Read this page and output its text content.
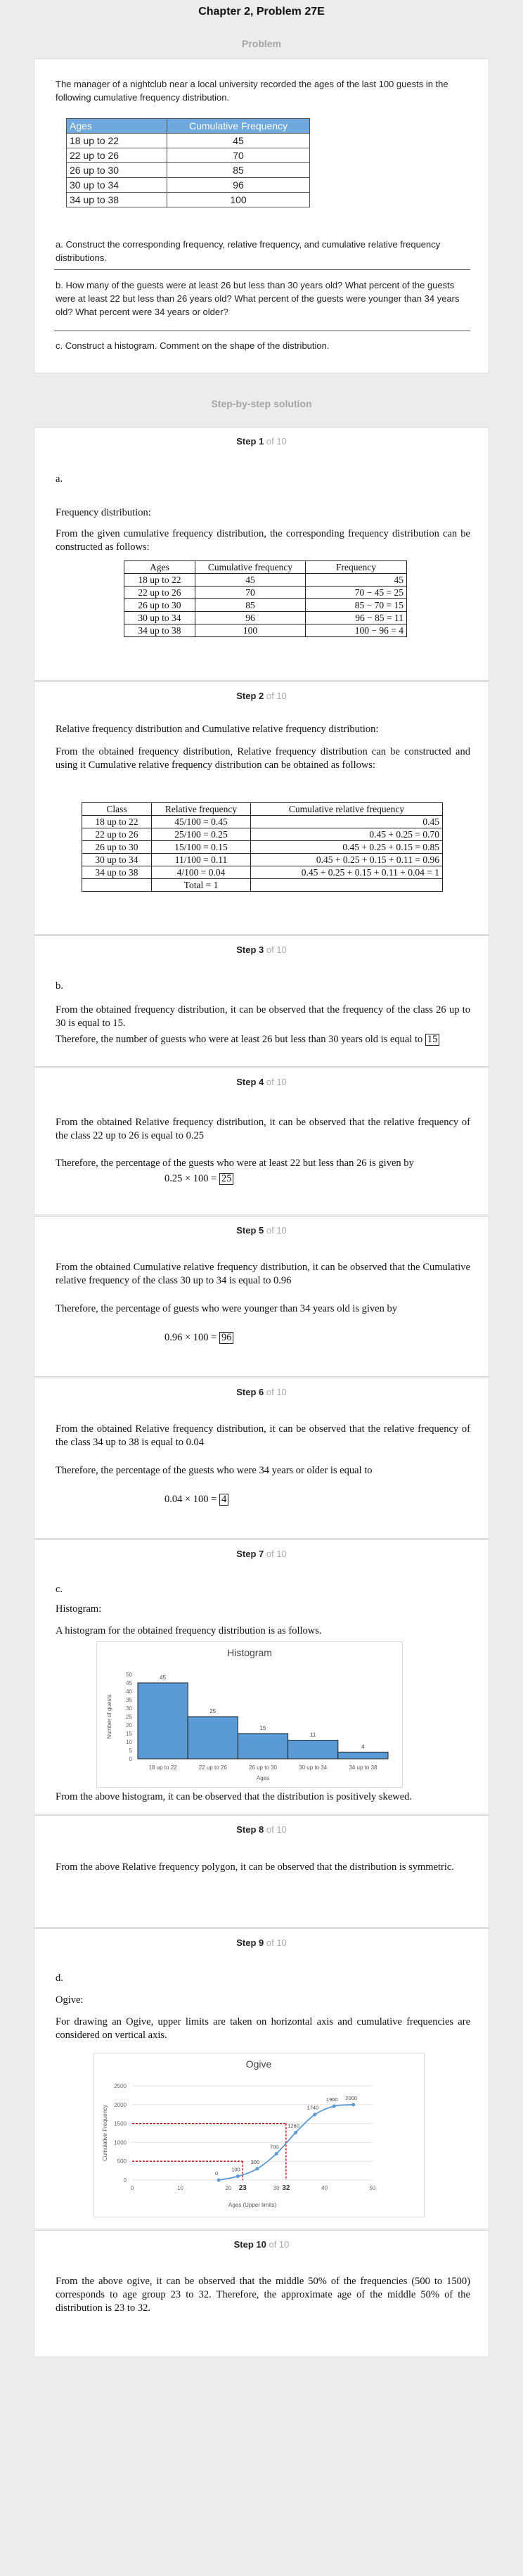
Chapter 2, Problem 27E
Problem
The manager of a nightclub near a local university recorded the ages of the last 100 guests in the following cumulative frequency distribution.
Ages	Cumulative Frequency
18 up to 22	45
22 up to 26	70
26 up to 30	85
30 up to 34	96
34 up to 38	100
a. Construct the corresponding frequency, relative frequency, and cumulative relative frequency distributions.
b. How many of the guests were at least 26 but less than 30 years old? What percent of the guests were at least 22 but less than 26 years old? What percent of the guests were younger than 34 years old? What percent were 34 years or older?
c. Construct a histogram. Comment on the shape of the distribution.
Step-by-step solution
Step 1 of 10
a.
Frequency distribution:
From the given cumulative frequency distribution, the corresponding frequency distribution can be constructed as follows:
Ages	Cumulative frequency	Frequency
18 up to 22	45	45
22 up to 26	70	70 − 45 = 25
26 up to 30	85	85 − 70 = 15
30 up to 34	96	96 − 85 = 11
34 up to 38	100	100 − 96 = 4
Step 2 of 10
Relative frequency distribution and Cumulative relative frequency distribution:
From the obtained frequency distribution, Relative frequency distribution can be constructed and using it Cumulative relative frequency distribution can be obtained as follows:
Class	Relative frequency	Cumulative relative frequency
18 up to 22	45/100 = 0.45	0.45
22 up to 26	25/100 = 0.25	0.45 + 0.25 = 0.70
26 up to 30	15/100 = 0.15	0.45 + 0.25 + 0.15 = 0.85
30 up to 34	11/100 = 0.11	0.45 + 0.25 + 0.15 + 0.11 = 0.96
34 up to 38	4/100 = 0.04	0.45 + 0.25 + 0.15 + 0.11 + 0.04 = 1
	Total = 1	
Step 3 of 10
b.
From the obtained frequency distribution, it can be observed that the frequency of the class 26 up to 30 is equal to 15.
Therefore, the number of guests who were at least 26 but less than 30 years old is equal to 15
Step 4 of 10
From the obtained Relative frequency distribution, it can be observed that the relative frequency of the class 22 up to 26 is equal to 0.25
Therefore, the percentage of the guests who were at least 22 but less than 26 is given by
0.25 × 100 = 25
Step 5 of 10
From the obtained Cumulative relative frequency distribution, it can be observed that the Cumulative relative frequency of the class 30 up to 34 is equal to 0.96
Therefore, the percentage of guests who were younger than 34 years old is given by
0.96 × 100 = 96
Step 6 of 10
From the obtained Relative frequency distribution, it can be observed that the relative frequency of the class 34 up to 38 is equal to 0.04
Therefore, the percentage of the guests who were 34 years or older is equal to
0.04 × 100 = 4
Step 7 of 10
c.
Histogram:
A histogram for the obtained frequency distribution is as follows.
Histogram
0
5
10
15
20
25
30
35
40
45
50	45
18 up to 22
25
22 up to 26
15
26 up to 30
11
30 up to 34
4
34 up to 38
Ages
Number of guests
From the above histogram, it can be observed that the distribution is positively skewed.
Step 8 of 10
From the above Relative frequency polygon, it can be observed that the distribution is symmetric.
Step 9 of 10
d.
Ogive:
For drawing an Ogive, upper limits are taken on horizontal axis and cumulative frequencies are considered on vertical axis.
Ogive
0
500
1000
1500
2000
2500
0	10	20	30	40	50
23	32
0
100
300
700
1260
1740
1960 2000
Ages (Upper limits)
Cumulative Frequency
Step 10 of 10
From the above ogive, it can be observed that the middle 50% of the frequencies (500 to 1500) corresponds to age group 23 to 32. Therefore, the approximate age of the middle 50% of the distribution is 23 to 32.
